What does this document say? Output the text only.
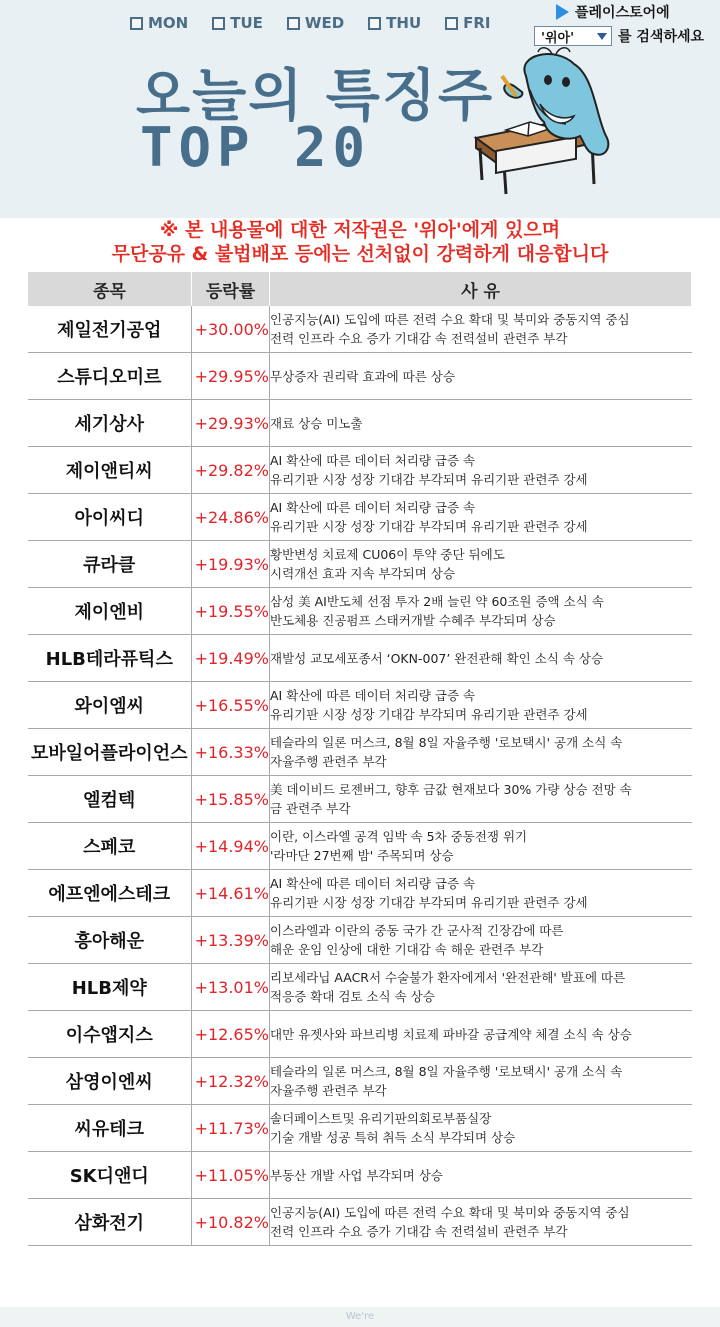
MON	TUE	WED	THU	FRI
플레이스토어에
'위아'	를 검색하세요
오늘의 특징주
TOP 20
※ 본 내용물에 대한 저작권은 '위아'에게 있으며
무단공유 & 불법배포 등에는 선처없이 강력하게 대응합니다
종목	등락률	사 유
제일전기공업	+30.00%	인공지능(AI) 도입에 따른 전력 수요 확대 및 북미와 중동지역 중심
전력 인프라 수요 증가 기대감 속 전력설비 관련주 부각

스튜디오미르	+29.95%	무상증자 권리락 효과에 따른 상승

세기상사	+29.93%	재료 상승 미노출

제이앤티씨	+29.82%	AI 확산에 따른 데이터 처리량 급증 속
유리기판 시장 성장 기대감 부각되며 유리기판 관련주 강세

아이씨디	+24.86%	AI 확산에 따른 데이터 처리량 급증 속
유리기판 시장 성장 기대감 부각되며 유리기판 관련주 강세

큐라클	+19.93%	황반변성 치료제 CU06이 투약 중단 뒤에도
시력개선 효과 지속 부각되며 상승

제이엔비	+19.55%	삼성 美 AI반도체 선점 투자 2배 늘린 약 60조원 증액 소식 속
반도체용 진공펌프 스태커개발 수혜주 부각되며 상승

HLB테라퓨틱스	+19.49%	재발성 교모세포종서 ‘OKN-007’ 완전관해 확인 소식 속 상승

와이엠씨	+16.55%	AI 확산에 따른 데이터 처리량 급증 속
유리기판 시장 성장 기대감 부각되며 유리기판 관련주 강세

모바일어플라이언스	+16.33%	테슬라의 일론 머스크, 8월 8일 자율주행 '로보택시' 공개 소식 속
자율주행 관련주 부각

엘컴텍	+15.85%	美 데이비드 로젠버그, 향후 금값 현재보다 30% 가량 상승 전망 속
금 관련주 부각

스페코	+14.94%	이란, 이스라엘 공격 임박 속 5차 중동전쟁 위기
'라마단 27번째 밤' 주목되며 상승

에프엔에스테크	+14.61%	AI 확산에 따른 데이터 처리량 급증 속
유리기판 시장 성장 기대감 부각되며 유리기판 관련주 강세

흥아해운	+13.39%	이스라엘과 이란의 중동 국가 간 군사적 긴장감에 따른
해운 운임 인상에 대한 기대감 속 해운 관련주 부각

HLB제약	+13.01%	리보세라닙 AACR서 수술불가 환자에게서 '완전관해' 발표에 따른
적응증 확대 검토 소식 속 상승

이수앱지스	+12.65%	대만 유젯사와 파브리병 치료제 파바갈 공급계약 체결 소식 속 상승

삼영이엔씨	+12.32%	테슬라의 일론 머스크, 8월 8일 자율주행 '로보택시' 공개 소식 속
자율주행 관련주 부각

씨유테크	+11.73%	솔더페이스트및 유리기판의회로부품실장
기술 개발 성공 특허 취득 소식 부각되며 상승

SK디앤디	+11.05%	부동산 개발 사업 부각되며 상승

삼화전기	+10.82%	인공지능(AI) 도입에 따른 전력 수요 확대 및 북미와 중동지역 중심
전력 인프라 수요 증가 기대감 속 전력설비 관련주 부각
We're
